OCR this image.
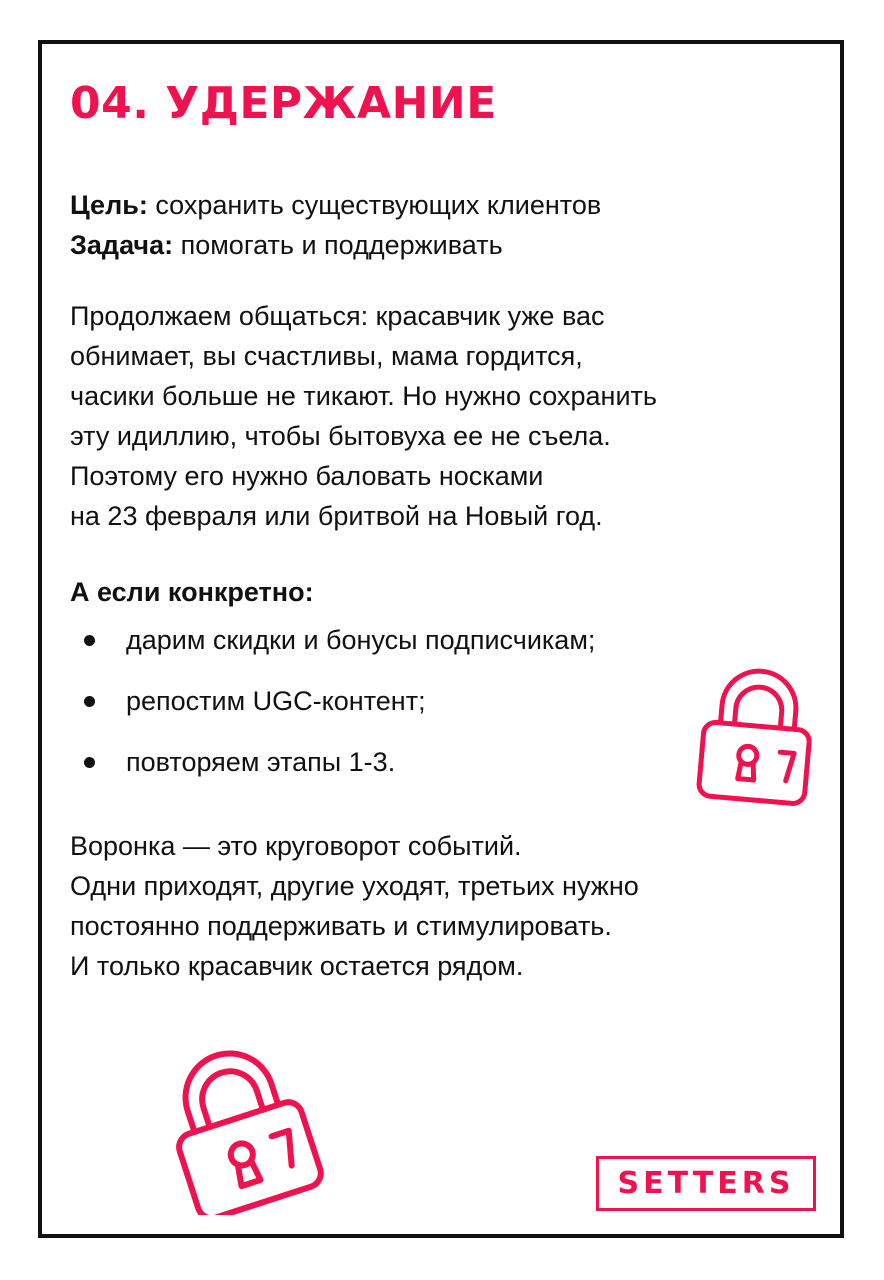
04. УДЕРЖАНИЕ
Цель: сохранить существующих клиентов
Задача: помогать и поддерживать
Продолжаем общаться: красавчик уже вас
обнимает, вы счастливы, мама гордится,
часики больше не тикают. Но нужно сохранить
эту идиллию, чтобы бытовуха ее не съела.
Поэтому его нужно баловать носками
на 23 февраля или бритвой на Новый год.
А если конкретно:
дарим скидки и бонусы подписчикам;
репостим UGC-контент;
повторяем этапы 1-3.
Воронка — это круговорот событий.
Одни приходят, другие уходят, третьих нужно
постоянно поддерживать и стимулировать.
И только красавчик остается рядом.
SETTERS
